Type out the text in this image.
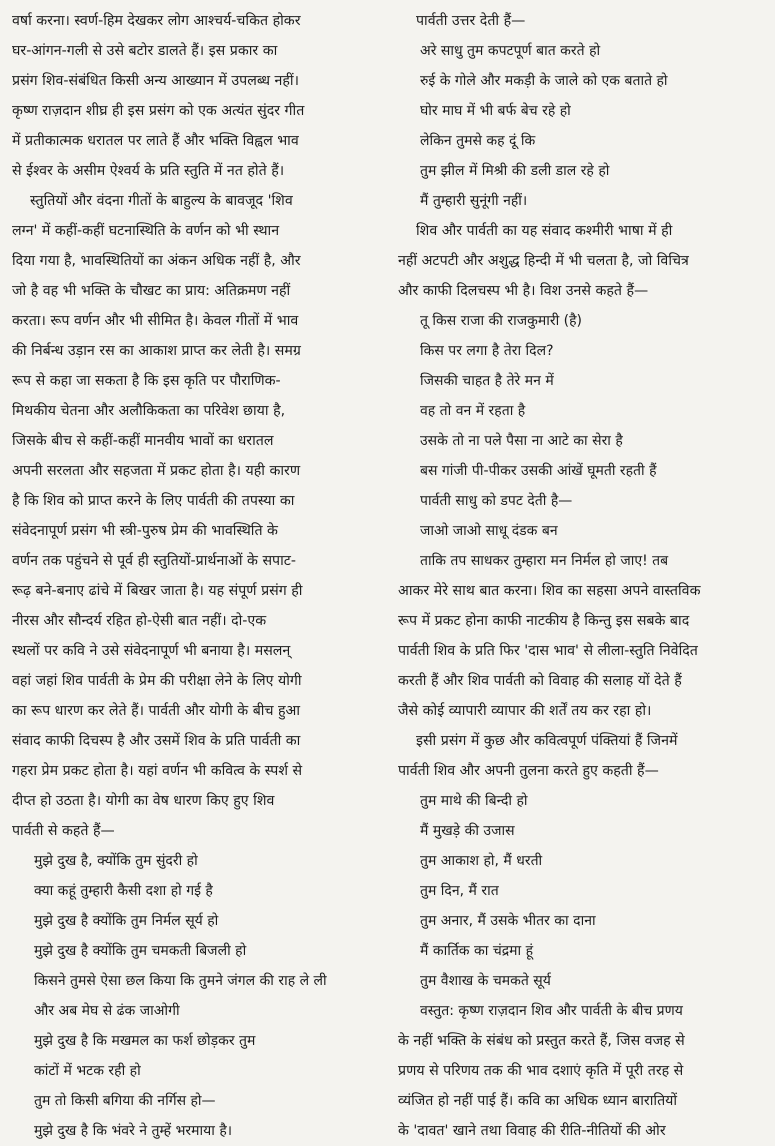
वर्षा करना। स्वर्ण-हिम देखकर लोग आश्चर्य-चकित होकर
घर-आंगन-गली से उसे बटोर डालते हैं। इस प्रकार का
प्रसंग शिव-संबंधित किसी अन्य आख्यान में उपलब्ध नहीं।
कृष्ण राज़दान शीघ्र ही इस प्रसंग को एक अत्यंत सुंदर गीत
में प्रतीकात्मक धरातल पर लाते हैं और भक्ति विह्वल भाव
से ईश्वर के असीम ऐश्वर्य के प्रति स्तुति में नत होते हैं।
स्तुतियों और वंदना गीतों के बाहुल्य के बावजूद 'शिव
लग्न' में कहीं-कहीं घटनास्थिति के वर्णन को भी स्थान
दिया गया है, भावस्थितियों का अंकन अधिक नहीं है, और
जो है वह भी भक्ति के चौखट का प्राय: अतिक्रमण नहीं
करता। रूप वर्णन और भी सीमित है। केवल गीतों में भाव
की निर्बन्ध उड़ान रस का आकाश प्राप्त कर लेती है। समग्र
रूप से कहा जा सकता है कि इस कृति पर पौराणिक-
मिथकीय चेतना और अलौकिकता का परिवेश छाया है,
जिसके बीच से कहीं-कहीं मानवीय भावों का धरातल
अपनी सरलता और सहजता में प्रकट होता है। यही कारण
है कि शिव को प्राप्त करने के लिए पार्वती की तपस्या का
संवेदनापूर्ण प्रसंग भी स्त्री-पुरुष प्रेम की भावस्थिति के
वर्णन तक पहुंचने से पूर्व ही स्तुतियों-प्रार्थनाओं के सपाट-
रूढ़ बने-बनाए ढांचे में बिखर जाता है। यह संपूर्ण प्रसंग ही
नीरस और सौन्दर्य रहित हो-ऐसी बात नहीं। दो-एक
स्थलों पर कवि ने उसे संवेदनापूर्ण भी बनाया है। मसलन्
वहां जहां शिव पार्वती के प्रेम की परीक्षा लेने के लिए योगी
का रूप धारण कर लेते हैं। पार्वती और योगी के बीच हुआ
संवाद काफी दिचस्प है और उसमें शिव के प्रति पार्वती का
गहरा प्रेम प्रकट होता है। यहां वर्णन भी कवित्व के स्पर्श से
दीप्त हो उठता है। योगी का वेष धारण किए हुए शिव
पार्वती से कहते हैं—
मुझे दुख है, क्योंकि तुम सुंदरी हो
क्या कहूं तुम्हारी कैसी दशा हो गई है
मुझे दुख है क्योंकि तुम निर्मल सूर्य हो
मुझे दुख है क्योंकि तुम चमकती बिजली हो
किसने तुमसे ऐसा छल किया कि तुमने जंगल की राह ले ली
और अब मेघ से ढंक जाओगी
मुझे दुख है कि मखमल का फर्श छोड़कर तुम
कांटों में भटक रही हो
तुम तो किसी बगिया की नर्गिस हो—
मुझे दुख है कि भंवरे ने तुम्हें भरमाया है।
पार्वती उत्तर देती हैं—
अरे साधु तुम कपटपूर्ण बात करते हो
रुई के गोले और मकड़ी के जाले को एक बताते हो
घोर माघ में भी बर्फ बेच रहे हो
लेकिन तुमसे कह दूं कि
तुम झील में मिश्री की डली डाल रहे हो
मैं तुम्हारी सुनूंगी नहीं।
शिव और पार्वती का यह संवाद कश्मीरी भाषा में ही
नहीं अटपटी और अशुद्ध हिन्दी में भी चलता है, जो विचित्र
और काफी दिलचस्प भी है। विश उनसे कहते हैं—
तू किस राजा की राजकुमारी (है)
किस पर लगा है तेरा दिल?
जिसकी चाहत है तेरे मन में
वह तो वन में रहता है
उसके तो ना पले पैसा ना आटे का सेरा है
बस गांजी पी-पीकर उसकी आंखें घूमती रहती हैं
पार्वती साधु को डपट देती है—
जाओ जाओ साधू दंडक बन
ताकि तप साधकर तुम्हारा मन निर्मल हो जाए! तब
आकर मेरे साथ बात करना। शिव का सहसा अपने वास्तविक
रूप में प्रकट होना काफी नाटकीय है किन्तु इस सबके बाद
पार्वती शिव के प्रति फिर 'दास भाव' से लीला-स्तुति निवेदित
करती हैं और शिव पार्वती को विवाह की सलाह यों देते हैं
जैसे कोई व्यापारी व्यापार की शर्तें तय कर रहा हो।
इसी प्रसंग में कुछ और कवित्वपूर्ण पंक्तियां हैं जिनमें
पार्वती शिव और अपनी तुलना करते हुए कहती हैं—
तुम माथे की बिन्दी हो
मैं मुखड़े की उजास
तुम आकाश हो, मैं धरती
तुम दिन, मैं रात
तुम अनार, मैं उसके भीतर का दाना
मैं कार्तिक का चंद्रमा हूं
तुम वैशाख के चमकते सूर्य
वस्तुत: कृष्ण राज़दान शिव और पार्वती के बीच प्रणय
के नहीं भक्ति के संबंध को प्रस्तुत करते हैं, जिस वजह से
प्रणय से परिणय तक की भाव दशाएं कृति में पूरी तरह से
व्यंजित हो नहीं पाई हैं। कवि का अधिक ध्यान बारातियों
के 'दावत' खाने तथा विवाह की रीति-नीतियों की ओर
